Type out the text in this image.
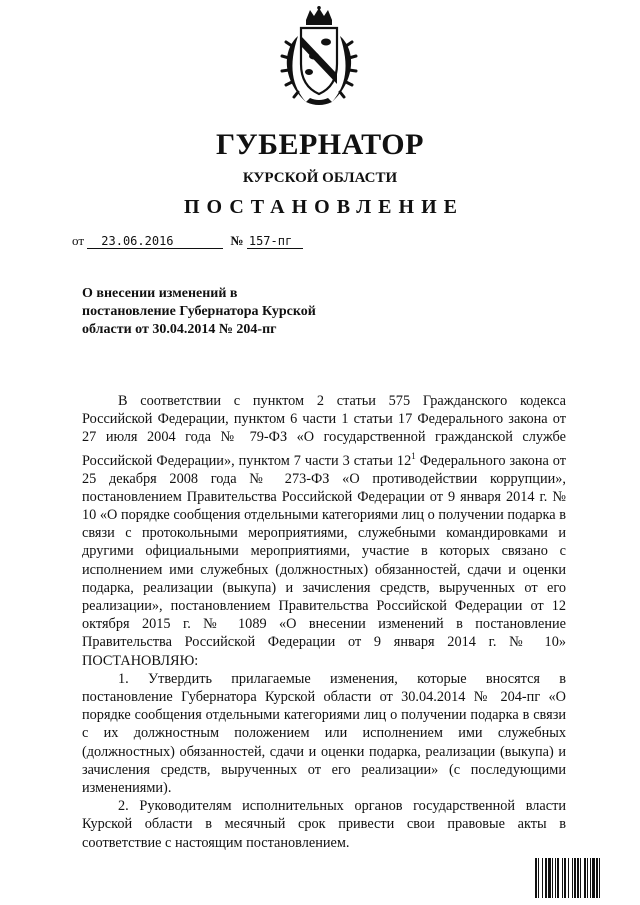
ГУБЕРНАТОР
КУРСКОЙ ОБЛАСТИ
ПОСТАНОВЛЕНИЕ
от 23.06.2016	№ 157-пг
О внесении изменений в
постановление Губернатора Курской
области от 30.04.2014 № 204-пг

В соответствии с пунктом 2 статьи 575 Гражданского кодекса Российской Федерации, пунктом 6 части 1 статьи 17 Федерального закона от 27 июля 2004 года № 79-ФЗ «О государственной гражданской службе Российской Федерации», пунктом 7 части 3 статьи $12^1$ Федерального закона от 25 декабря 2008 года № 273-ФЗ «О противодействии коррупции», постановлением Правительства Российской Федерации от 9 января 2014 г. № 10 «О порядке сообщения отдельными категориями лиц о получении подарка в связи с протокольными мероприятиями, служебными командировками и другими официальными мероприятиями, участие в которых связано с исполнением ими служебных (должностных) обязанностей, сдачи и оценки подарка, реализации (выкупа) и зачисления средств, вырученных от его реализации», постановлением Правительства Российской Федерации от 12 октября 2015 г. № 1089 «О внесении изменений в постановление Правительства Российской Федерации от 9 января 2014 г. № 10» ПОСТАНОВЛЯЮ:

1. Утвердить прилагаемые изменения, которые вносятся в постановление Губернатора Курской области от 30.04.2014 № 204-пг «О порядке сообщения отдельными категориями лиц о получении подарка в связи с их должностным положением или исполнением ими служебных (должностных) обязанностей, сдачи и оценки подарка, реализации (выкупа) и зачисления средств, вырученных от его реализации» (с последующими изменениями).

2. Руководителям исполнительных органов государственной власти Курской области в месячный срок привести свои правовые акты в соответствие с настоящим постановлением.
